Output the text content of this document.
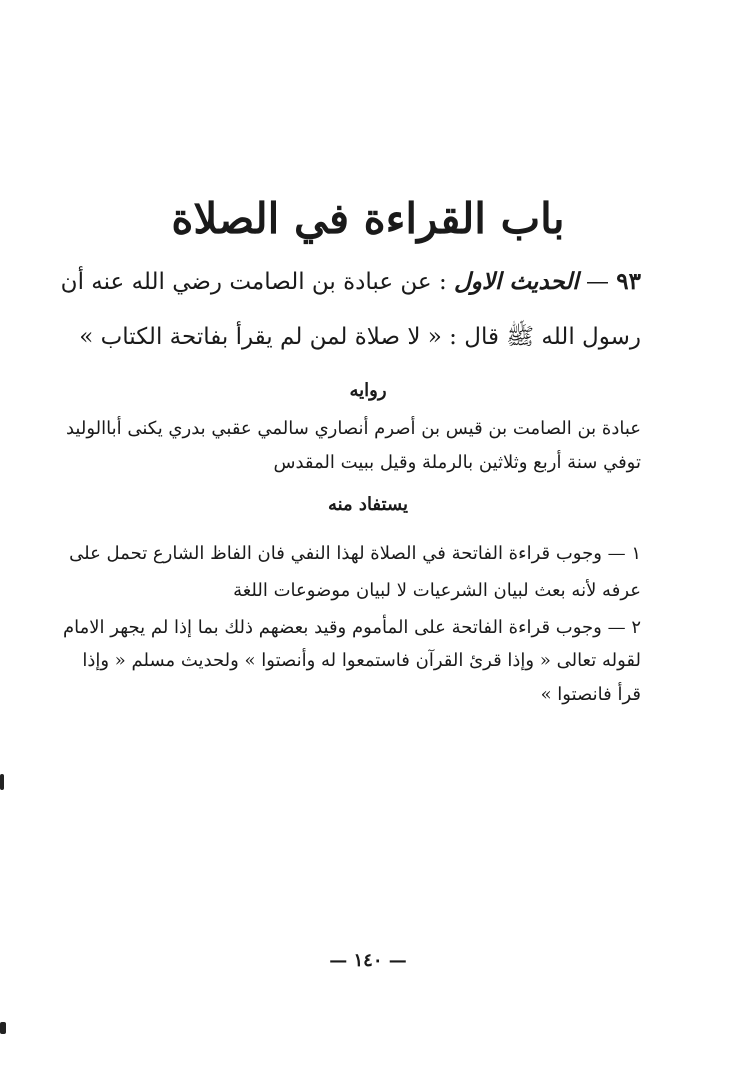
باب القراءة في الصلاة
٩٣ — الحديث الاول : عن عبادة بن الصامت رضي الله عنه أن
رسول الله ﷺ قال : « لا صلاة لمن لم يقرأ بفاتحة الكتاب »
روايه
عبادة بن الصامت بن قيس بن أصرم أنصاري سالمي عقبي بدري يكنى أباالوليد
توفي سنة أربع وثلاثين بالرملة وقيل ببيت المقدس
يستفاد منه
١ — وجوب قراءة الفاتحة في الصلاة لهذا النفي فان الفاظ الشارع تحمل على
عرفه لأنه بعث لبيان الشرعيات لا لبيان موضوعات اللغة
٢ — وجوب قراءة الفاتحة على المأموم وقيد بعضهم ذلك بما إذا لم يجهر الامام
لقوله تعالى « وإذا قرئ القرآن فاستمعوا له وأنصتوا » ولحديث مسلم « وإذا
قرأ فانصتوا »
— ١٤٠ —
